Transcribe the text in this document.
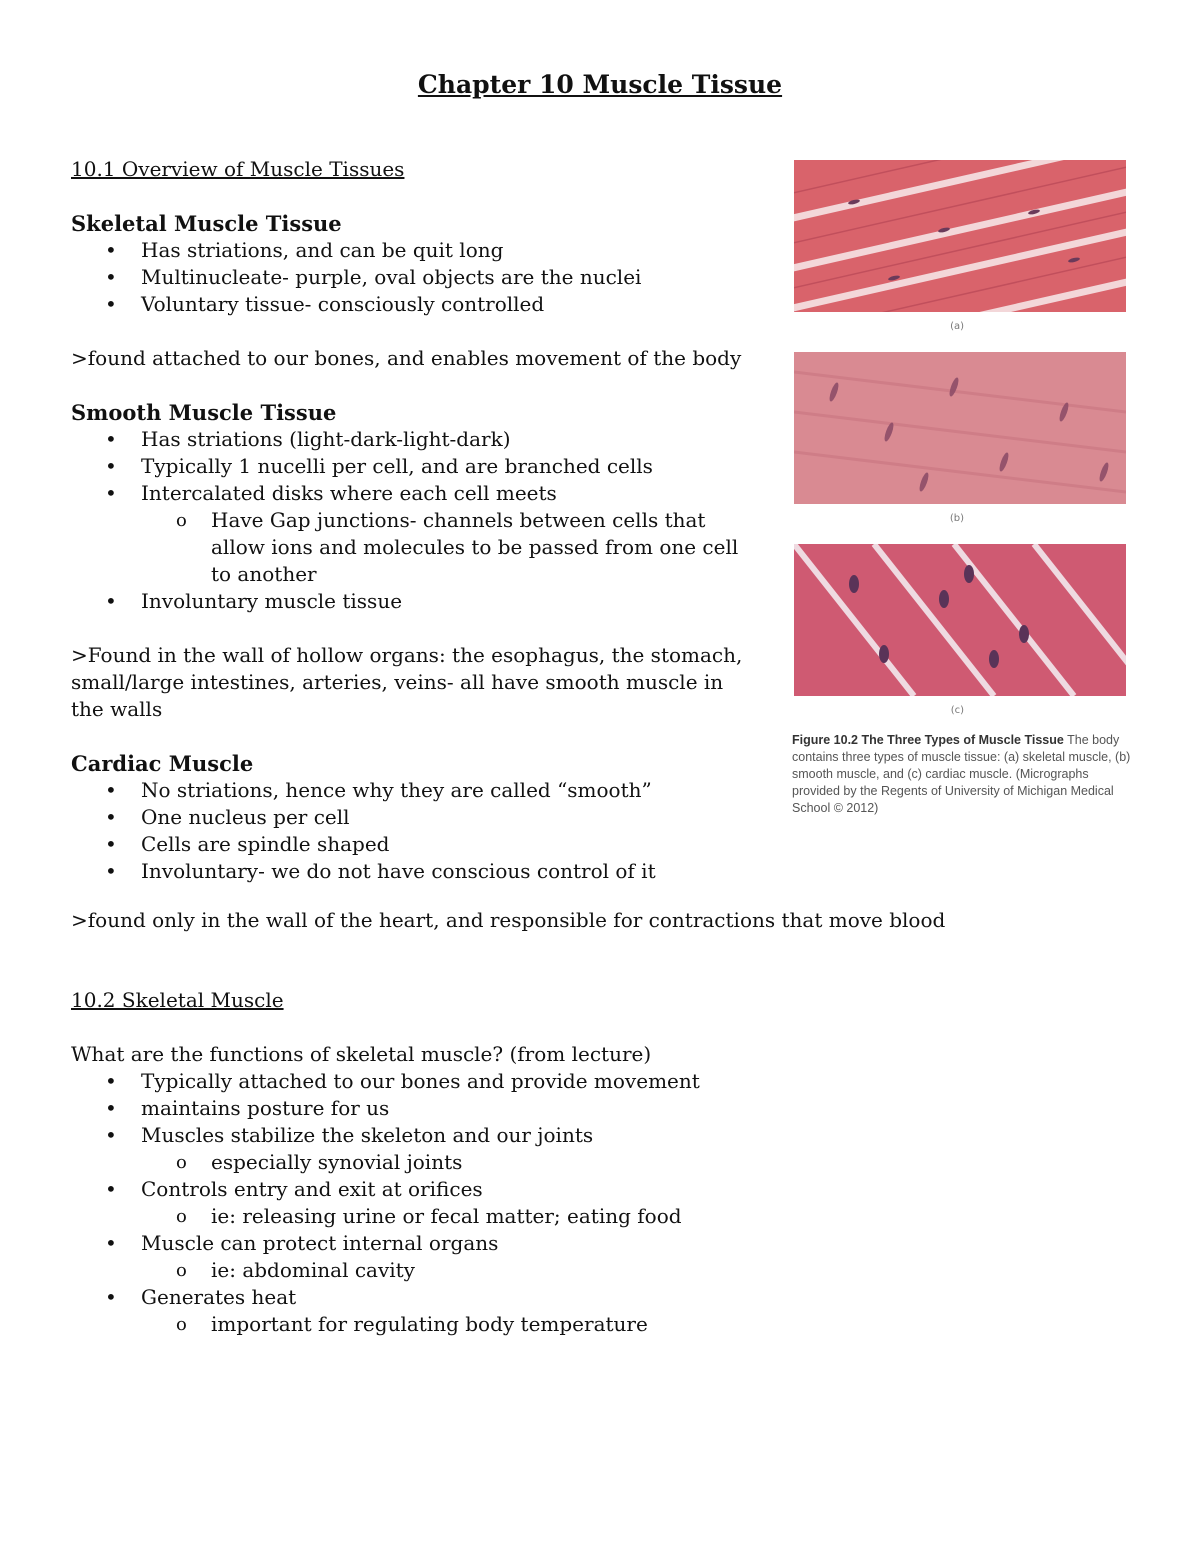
Chapter 10 Muscle Tissue

10.1 Overview of Muscle Tissues

Skeletal Muscle Tissue

• Has striations, and can be quit long
• Multinucleate- purple, oval objects are the nuclei
• Voluntary tissue- consciously controlled

>found attached to our bones, and enables movement of the body

Smooth Muscle Tissue

• Has striations (light-dark-light-dark)
• Typically 1 nucelli per cell, and are branched cells
• Intercalated disks where each cell meets
o Have Gap junctions- channels between cells that allow ions and molecules to be passed from one cell to another
• Involuntary muscle tissue

>Found in the wall of hollow organs: the esophagus, the stomach, small/large intestines, arteries, veins- all have smooth muscle in the walls

Cardiac Muscle

• No striations, hence why they are called “smooth”
• One nucleus per cell
• Cells are spindle shaped
• Involuntary- we do not have conscious control of it
>found only in the wall of the heart, and responsible for contractions that move blood

10.2 Skeletal Muscle

What are the functions of skeletal muscle? (from lecture)

• Typically attached to our bones and provide movement
• maintains posture for us
• Muscles stabilize the skeleton and our joints
o especially synovial joints
• Controls entry and exit at orifices
o ie: releasing urine or fecal matter; eating food
• Muscle can protect internal organs
o ie: abdominal cavity
• Generates heat
o important for regulating body temperature
(a)
(b)
(c)
Figure 10.2 The Three Types of Muscle Tissue The body contains three types of muscle tissue: (a) skeletal muscle, (b) smooth muscle, and (c) cardiac muscle. (Micrographs provided by the Regents of University of Michigan Medical School © 2012)
